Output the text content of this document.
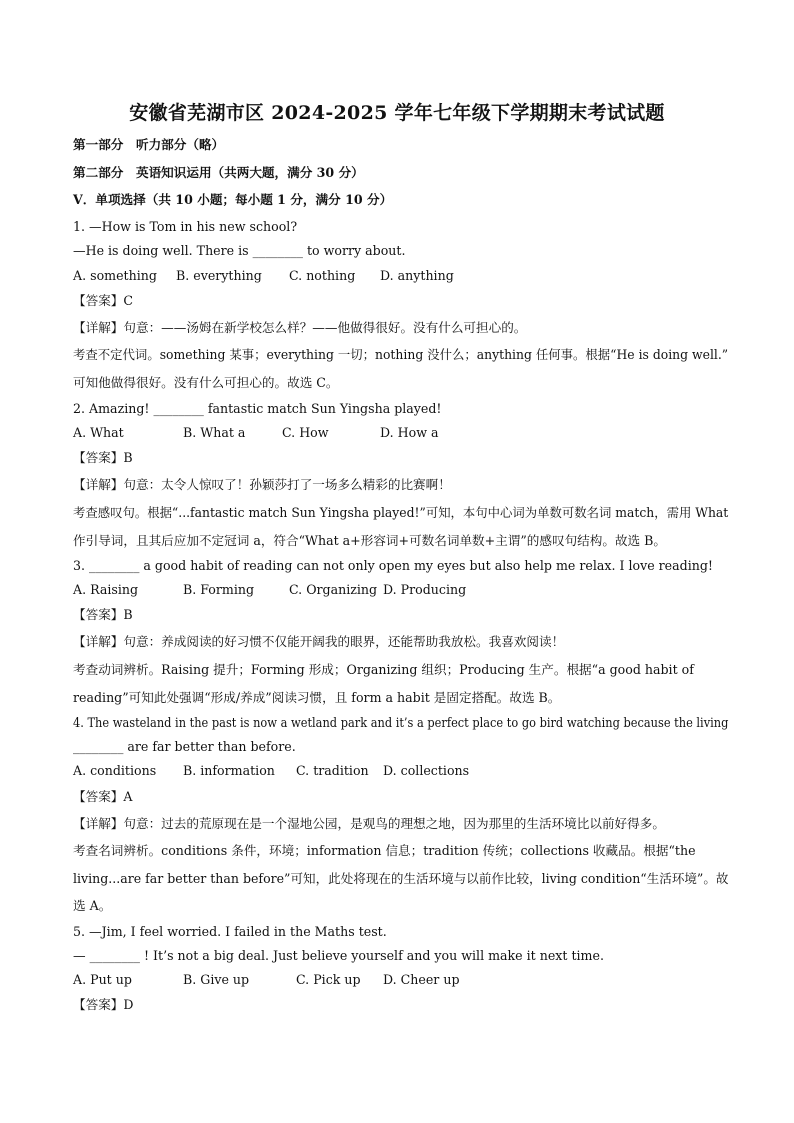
安徽省芜湖市区 2024-2025 学年七年级下学期期末考试试题
第一部分　听力部分（略）
第二部分　英语知识运用（共两大题，满分 30 分）
V．单项选择（共 10 小题；每小题 1 分，满分 10 分）
1. —How is Tom in his new school?
—He is doing well. There is ________ to worry about.
A. something B. everything C. nothing D. anything
【答案】C
【详解】句意：——汤姆在新学校怎么样？——他做得很好。没有什么可担心的。
考查不定代词。something 某事；everything 一切；nothing 没什么；anything 任何事。根据“He is doing well.”
可知他做得很好。没有什么可担心的。故选 C。
2. Amazing! ________ fantastic match Sun Yingsha played!
A. What	B. What a	C. How	D. How a
【答案】B
【详解】句意：太令人惊叹了！孙颖莎打了一场多么精彩的比赛啊！
考查感叹句。根据“...fantastic match Sun Yingsha played!”可知，本句中心词为单数可数名词 match，需用 What
作引导词，且其后应加不定冠词 a，符合“What a+形容词+可数名词单数+主谓”的感叹句结构。故选 B。
3. ________ a good habit of reading can not only open my eyes but also help me relax. I love reading!
A. Raising	B. Forming	C. Organizing D. Producing
【答案】B
【详解】句意：养成阅读的好习惯不仅能开阔我的眼界，还能帮助我放松。我喜欢阅读！
考查动词辨析。Raising 提升；Forming 形成；Organizing 组织；Producing 生产。根据“a good habit of
reading”可知此处强调“形成/养成”阅读习惯，且 form a habit 是固定搭配。故选 B。
4. The wasteland in the past is now a wetland park and it’s a perfect place to go bird watching because the living
________ are far better than before.
A. conditions B. information C. tradition D. collections
【答案】A
【详解】句意：过去的荒原现在是一个湿地公园，是观鸟的理想之地，因为那里的生活环境比以前好得多。
考查名词辨析。conditions 条件，环境；information 信息；tradition 传统；collections 收藏品。根据“the
living...are far better than before”可知，此处将现在的生活环境与以前作比较，living condition“生活环境”。故
选 A。
5. —Jim, I feel worried. I failed in the Maths test.
— ________ ! It’s not a big deal. Just believe yourself and you will make it next time.
A. Put up	B. Give up	C. Pick up D. Cheer up
【答案】D
